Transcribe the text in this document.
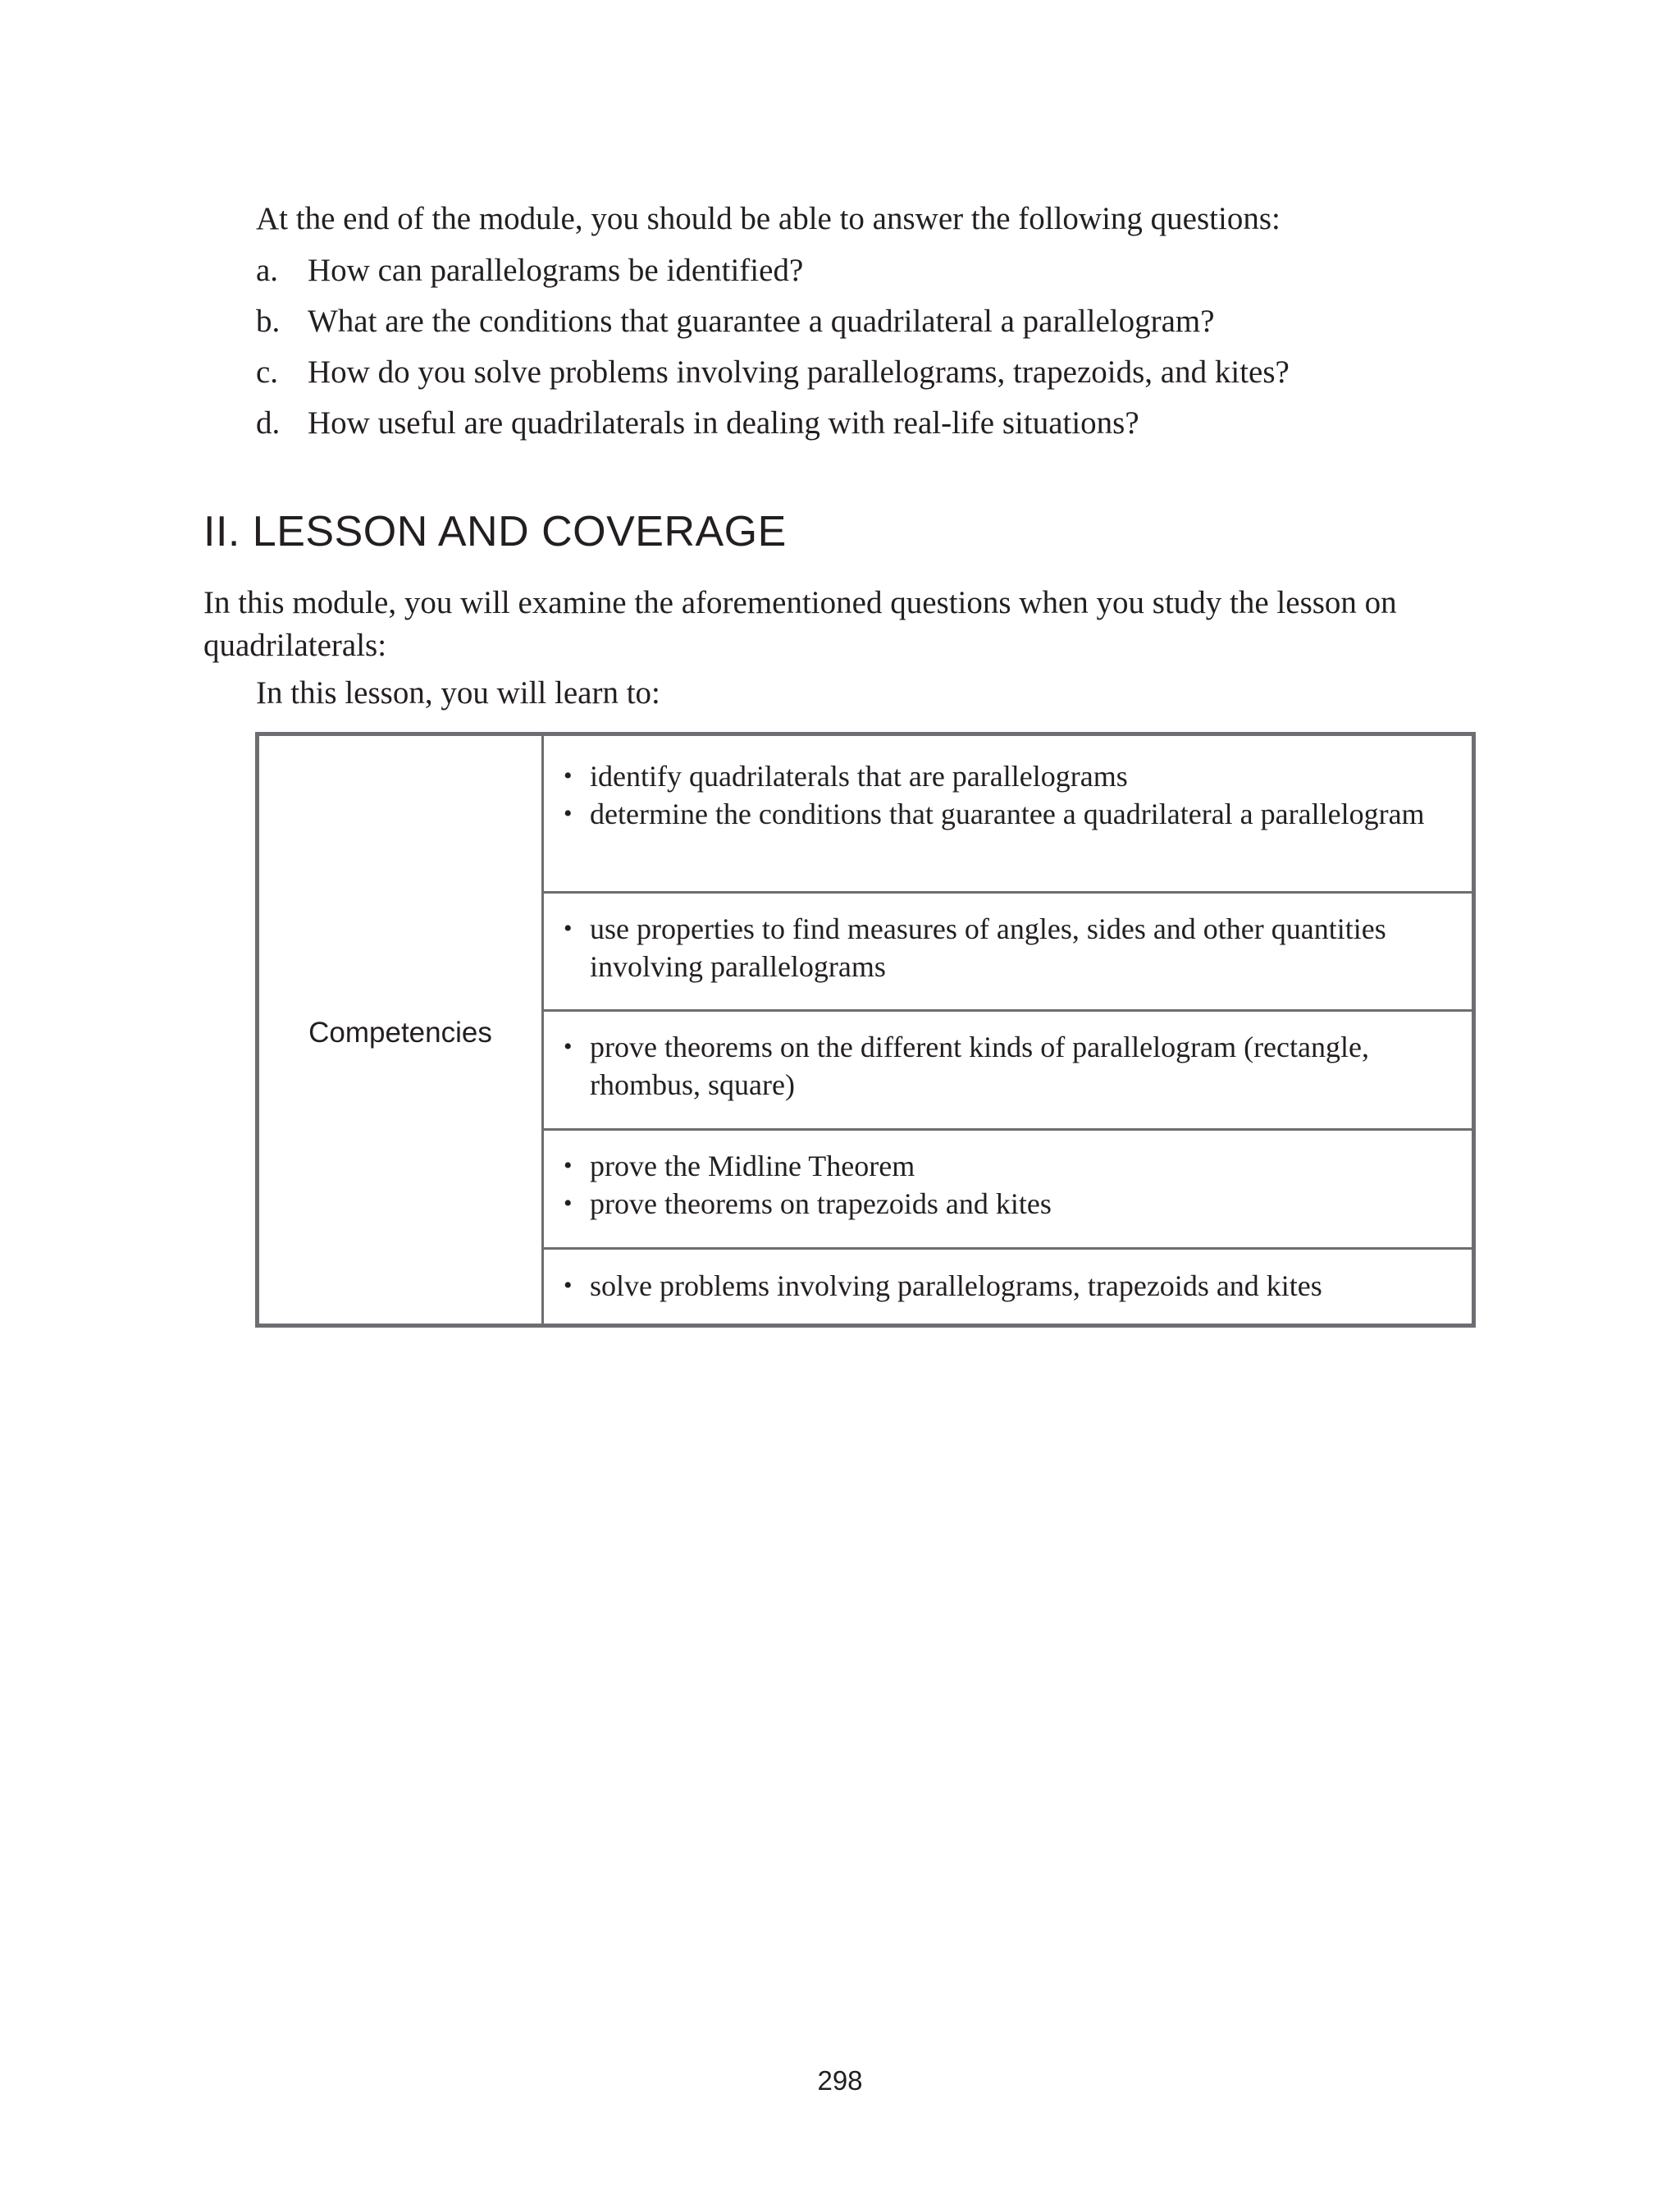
At the end of the module, you should be able to answer the following questions:

a. How can parallelograms be identified?
b. What are the conditions that guarantee a quadrilateral a parallelogram?
c. How do you solve problems involving parallelograms, trapezoids, and kites?
d. How useful are quadrilaterals in dealing with real-life situations?
II. LESSON AND COVERAGE

In this module, you will examine the aforementioned questions when you study the lesson on quadrilaterals:

In this lesson, you will learn to:

Competencies
• identify quadrilaterals that are parallelograms
• determine the conditions that guarantee a quadrilateral a parallelogram
• use properties to find measures of angles, sides and other quantities involving parallelograms
• prove theorems on the different kinds of parallelogram (rectangle, rhombus, square)
• prove the Midline Theorem
• prove theorems on trapezoids and kites
• solve problems involving parallelograms, trapezoids and kites

298
